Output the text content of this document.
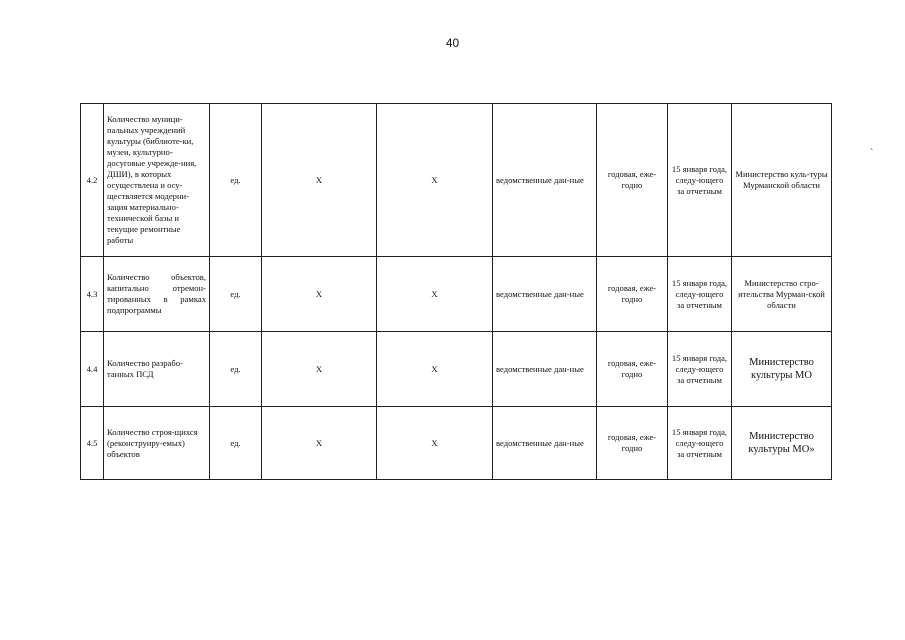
40
`
4.2	Количество муници-пальных учреждений культуры (библиоте-ки, музеи, культурно-досуговые учрежде-ния, ДШИ), в которых осуществлена и осу-ществляется модерни-зация материально-технической базы и текущие ремонтные работы	ед.	X	X	ведомственные дан-ные	годовая, еже-годно	15 января года, следу-ющего за отчетным	Министерство куль-туры Мурманской области
4.3	Количество объектов, капитально отремон-тированных в рамках подпрограммы	ед.	X	X	ведомственные дан-ные	годовая, еже-годно	15 января года, следу-ющего за отчетным	Министерство стро-ительства Мурман-ской области
4.4	Количество разрабо-танных ПСД	ед.	X	X	ведомственные дан-ные	годовая, еже-годно	15 января года, следу-ющего за отчетным	Министерство культуры МО
4.5	Количество строя-щихся (реконструиру-емых) объектов	ед.	X	X	ведомственные дан-ные	годовая, еже-годно	15 января года, следу-ющего за отчетным	Министерство культуры МО»
